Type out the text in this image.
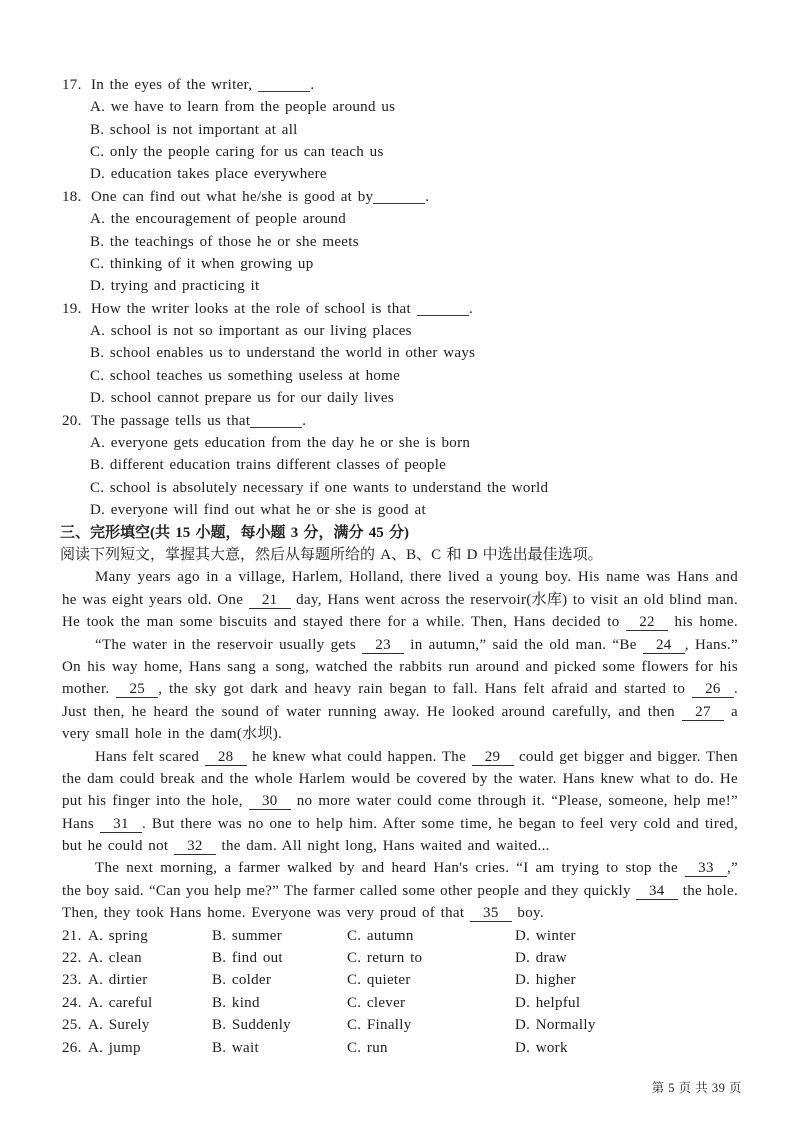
17. In the eyes of the writer,	.
A. we have to learn from the people around us
B. school is not important at all
C. only the people caring for us can teach us
D. education takes place everywhere
18. One can find out what he/she is good at by	.
A. the encouragement of people around
B. the teachings of those he or she meets
C. thinking of it when growing up
D. trying and practicing it
19. How the writer looks at the role of school is that	.
A. school is not so important as our living places
B. school enables us to understand the world in other ways
C. school teaches us something useless at home
D. school cannot prepare us for our daily lives
20. The passage tells us that	.
A. everyone gets education from the day he or she is born
B. different education trains different classes of people
C. school is absolutely necessary if one wants to understand the world
D. everyone will find out what he or she is good at
三、完形填空(共 15 小题，每小题 3 分，满分 45 分)
阅读下列短文，掌握其大意，然后从每题所给的 A、B、C 和 D 中选出最佳选项。
Many years ago in a village, Harlem, Holland, there lived a young boy. His name was Hans and
he was eight years old. One 21 day, Hans went across the reservoir(水库) to visit an old blind man.
He took the man some biscuits and stayed there for a while. Then, Hans decided to 22 his home.
“The water in the reservoir usually gets 23 in autumn,” said the old man. “Be 24 , Hans.”
On his way home, Hans sang a song, watched the rabbits run around and picked some flowers for his
mother. 25 , the sky got dark and heavy rain began to fall. Hans felt afraid and started to 26 .
Just then, he heard the sound of water running away. He looked around carefully, and then 27 a
very small hole in the dam(水坝).
Hans felt scared 28 he knew what could happen. The 29 could get bigger and bigger. Then
the dam could break and the whole Harlem would be covered by the water. Hans knew what to do. He
put his finger into the hole, 30 no more water could come through it. “Please, someone, help me!”
Hans 31 . But there was no one to help him. After some time, he began to feel very cold and tired,
but he could not 32 the dam. All night long, Hans waited and waited...
The next morning, a farmer walked by and heard Han's cries. “I am trying to stop the 33 ,”
the boy said. “Can you help me?” The farmer called some other people and they quickly 34 the hole.
Then, they took Hans home. Everyone was very proud of that 35 boy.
21. A. spring	B. summer	C. autumn	D. winter
22. A. clean	B. find out	C. return to	D. draw
23. A. dirtier	B. colder	C. quieter	D. higher
24. A. careful	B. kind	C. clever	D. helpful
25. A. Surely	B. Suddenly	C. Finally	D. Normally
26. A. jump	B. wait	C. run	D. work
第 5 页 共 39 页
